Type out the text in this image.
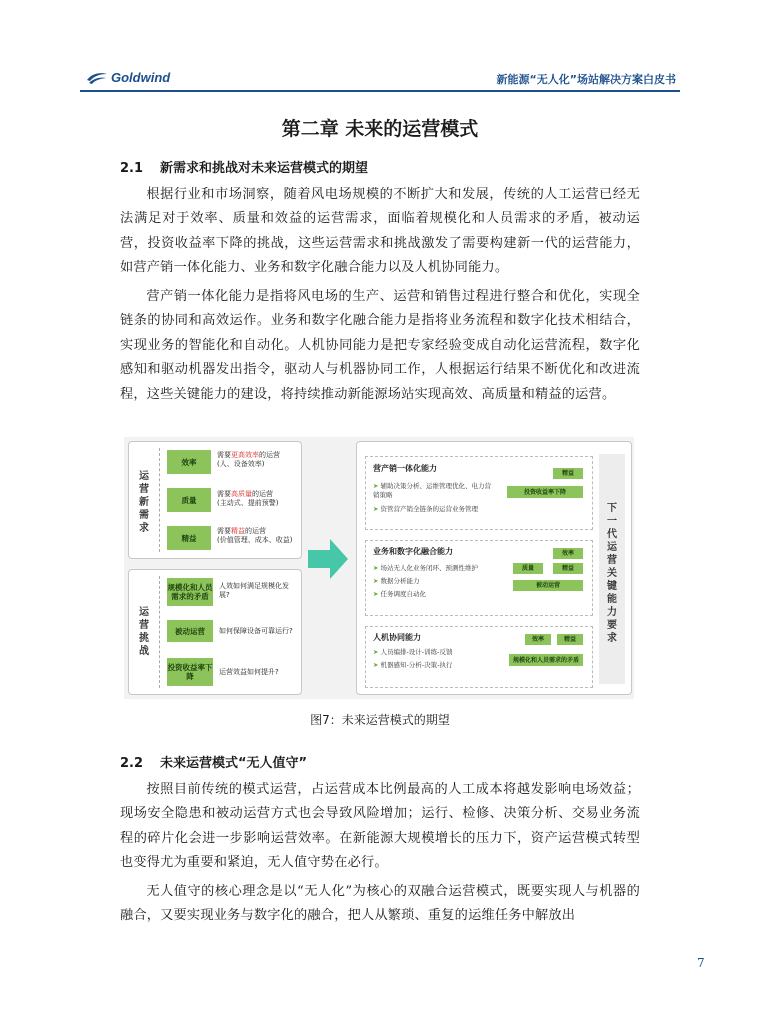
Goldwind	新能源“无人化”场站解决方案白皮书
第二章 未来的运营模式
2.1 新需求和挑战对未来运营模式的期望
根据行业和市场洞察，随着风电场规模的不断扩大和发展，传统的人工运营已经无法满足对于效率、质量和效益的运营需求，面临着规模化和人员需求的矛盾，被动运营，投资收益率下降的挑战，这些运营需求和挑战激发了需要构建新一代的运营能力，如营产销一体化能力、业务和数字化融合能力以及人机协同能力。
营产销一体化能力是指将风电场的生产、运营和销售过程进行整合和优化，实现全链条的协同和高效运作。业务和数字化融合能力是指将业务流程和数字化技术相结合，实现业务的智能化和自动化。人机协同能力是把专家经验变成自动化运营流程，数字化感知和驱动机器发出指令，驱动人与机器协同工作，人根据运行结果不断优化和改进流程，这些关键能力的建设，将持续推动新能源场站实现高效、高质量和精益的运营。
运营新需求
效率
需要更高效率的运营
(人、设备效率)
质量
需要高质量的运营
(主动式、提前预警)
精益
需要精益的运营
(价值管理、成本、收益)
运营挑战
规模化和人员需求的矛盾
人效如何满足规模化发展?
被动运营	如何保障设备可靠运行?
投资收益率下降	运营效益如何提升?
下一代运营关键能力要求
营产销一体化能力
➤ 辅助决策分析、运维管理优化、电力营销策略
➤ 资管营产销全链条的运营业务管理
精益
投资收益率下降
业务和数字化融合能力
➤ 场站无人化业务闭环、预测性维护
➤ 数据分析能力
➤ 任务调度自动化
效率
质量	精益
被动运营
人机协同能力
➤ 人员编排-设计-训练-反馈
➤ 机器感知-分析-决策-执行
效率	精益
规模化和人员需求的矛盾
图7：未来运营模式的期望
2.2 未来运营模式“无人值守”
按照目前传统的模式运营，占运营成本比例最高的人工成本将越发影响电场效益；现场安全隐患和被动运营方式也会导致风险增加；运行、检修、决策分析、交易业务流程的碎片化会进一步影响运营效率。在新能源大规模增长的压力下，资产运营模式转型也变得尤为重要和紧迫，无人值守势在必行。
无人值守的核心理念是以“无人化”为核心的双融合运营模式，既要实现人与机器的融合，又要实现业务与数字化的融合，把人从繁琐、重复的运维任务中解放出
7
